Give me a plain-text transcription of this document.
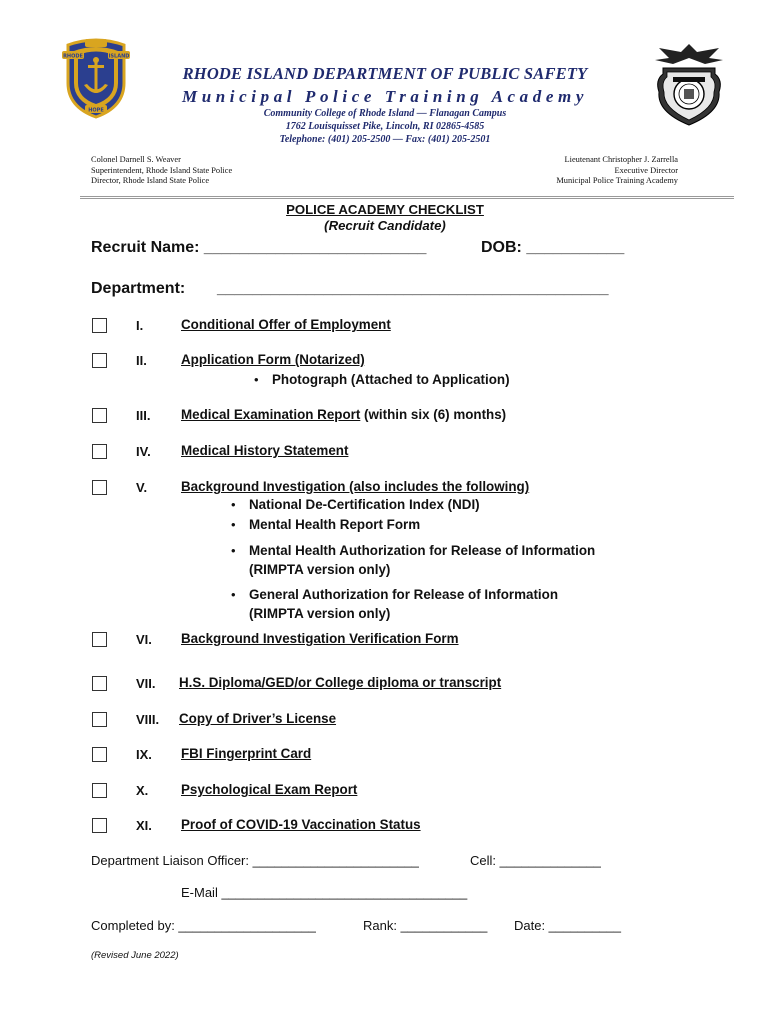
RHODE	ISLAND
HOPE
RHODE ISLAND DEPARTMENT OF PUBLIC SAFETY
Municipal Police Training Academy
Community College of Rhode Island — Flanagan Campus
1762 Louisquisset Pike, Lincoln, RI 02865-4585
Telephone: (401) 205-2500 — Fax: (401) 205-2501
Colonel Darnell S. Weaver
Superintendent, Rhode Island State Police
Director, Rhode Island State Police
Lieutenant Christopher J. Zarrella
Executive Director
Municipal Police Training Academy
POLICE ACADEMY CHECKLIST
(Recruit Candidate)
Recruit Name: _________________________	DOB: ___________
Department: ____________________________________________
I.	Conditional Offer of Employment
II.	Application Form (Notarized)
• Photograph (Attached to Application)
III. Medical Examination Report (within six (6) months)
IV. Medical History Statement
V.	Background Investigation (also includes the following)
• National De-Certification Index (NDI)
• Mental Health Report Form
• Mental Health Authorization for Release of Information
(RIMPTA version only)
• General Authorization for Release of Information
(RIMPTA version only)
VI. Background Investigation Verification Form
VII. H.S. Diploma/GED/or College diploma or transcript
VIII. Copy of Driver’s License
IX. FBI Fingerprint Card
X. Psychological Exam Report
XI. Proof of COVID-19 Vaccination Status
Department Liaison Officer: _______________________	Cell: ______________
E-Mail __________________________________
Completed by: ___________________	Rank: ____________ Date: __________
(Revised June 2022)
